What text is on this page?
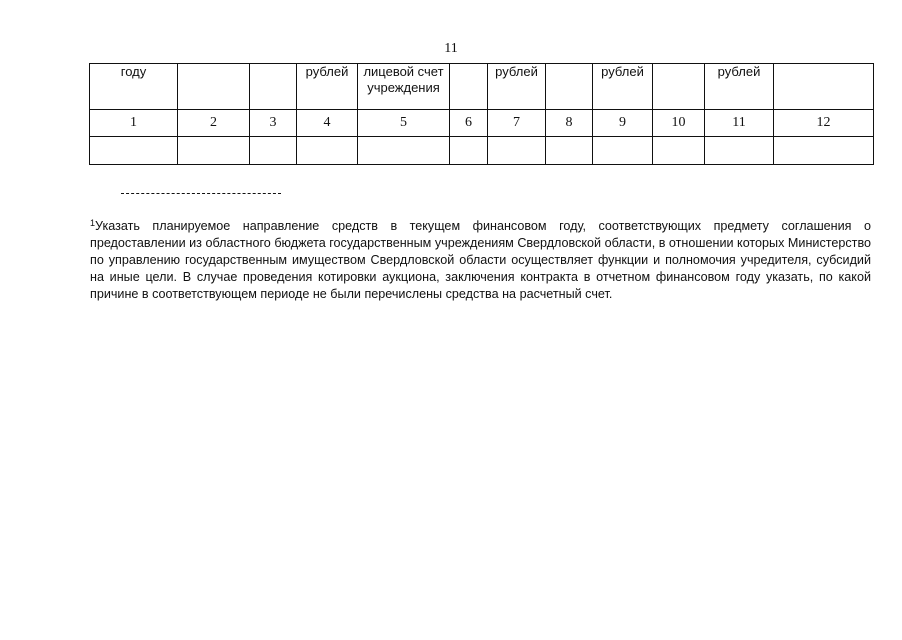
11
году			рублей	лицевой счет учреждения		рублей		рублей		рублей	
1	2	3	4	5	6	7	8	9	10	11	12

$^1$Указать планируемое направление средств в текущем финансовом году, соответствующих предмету соглашения о предоставлении из областного бюджета государственным учреждениям Свердловской области, в отношении которых Министерство по управлению государственным имуществом Свердловской области осуществляет функции и полномочия учредителя, субсидий на иные цели. В случае проведения котировки аукциона, заключения контракта в отчетном финансовом году указать, по какой причине в соответствующем периоде не были перечислены средства на расчетный счет.
